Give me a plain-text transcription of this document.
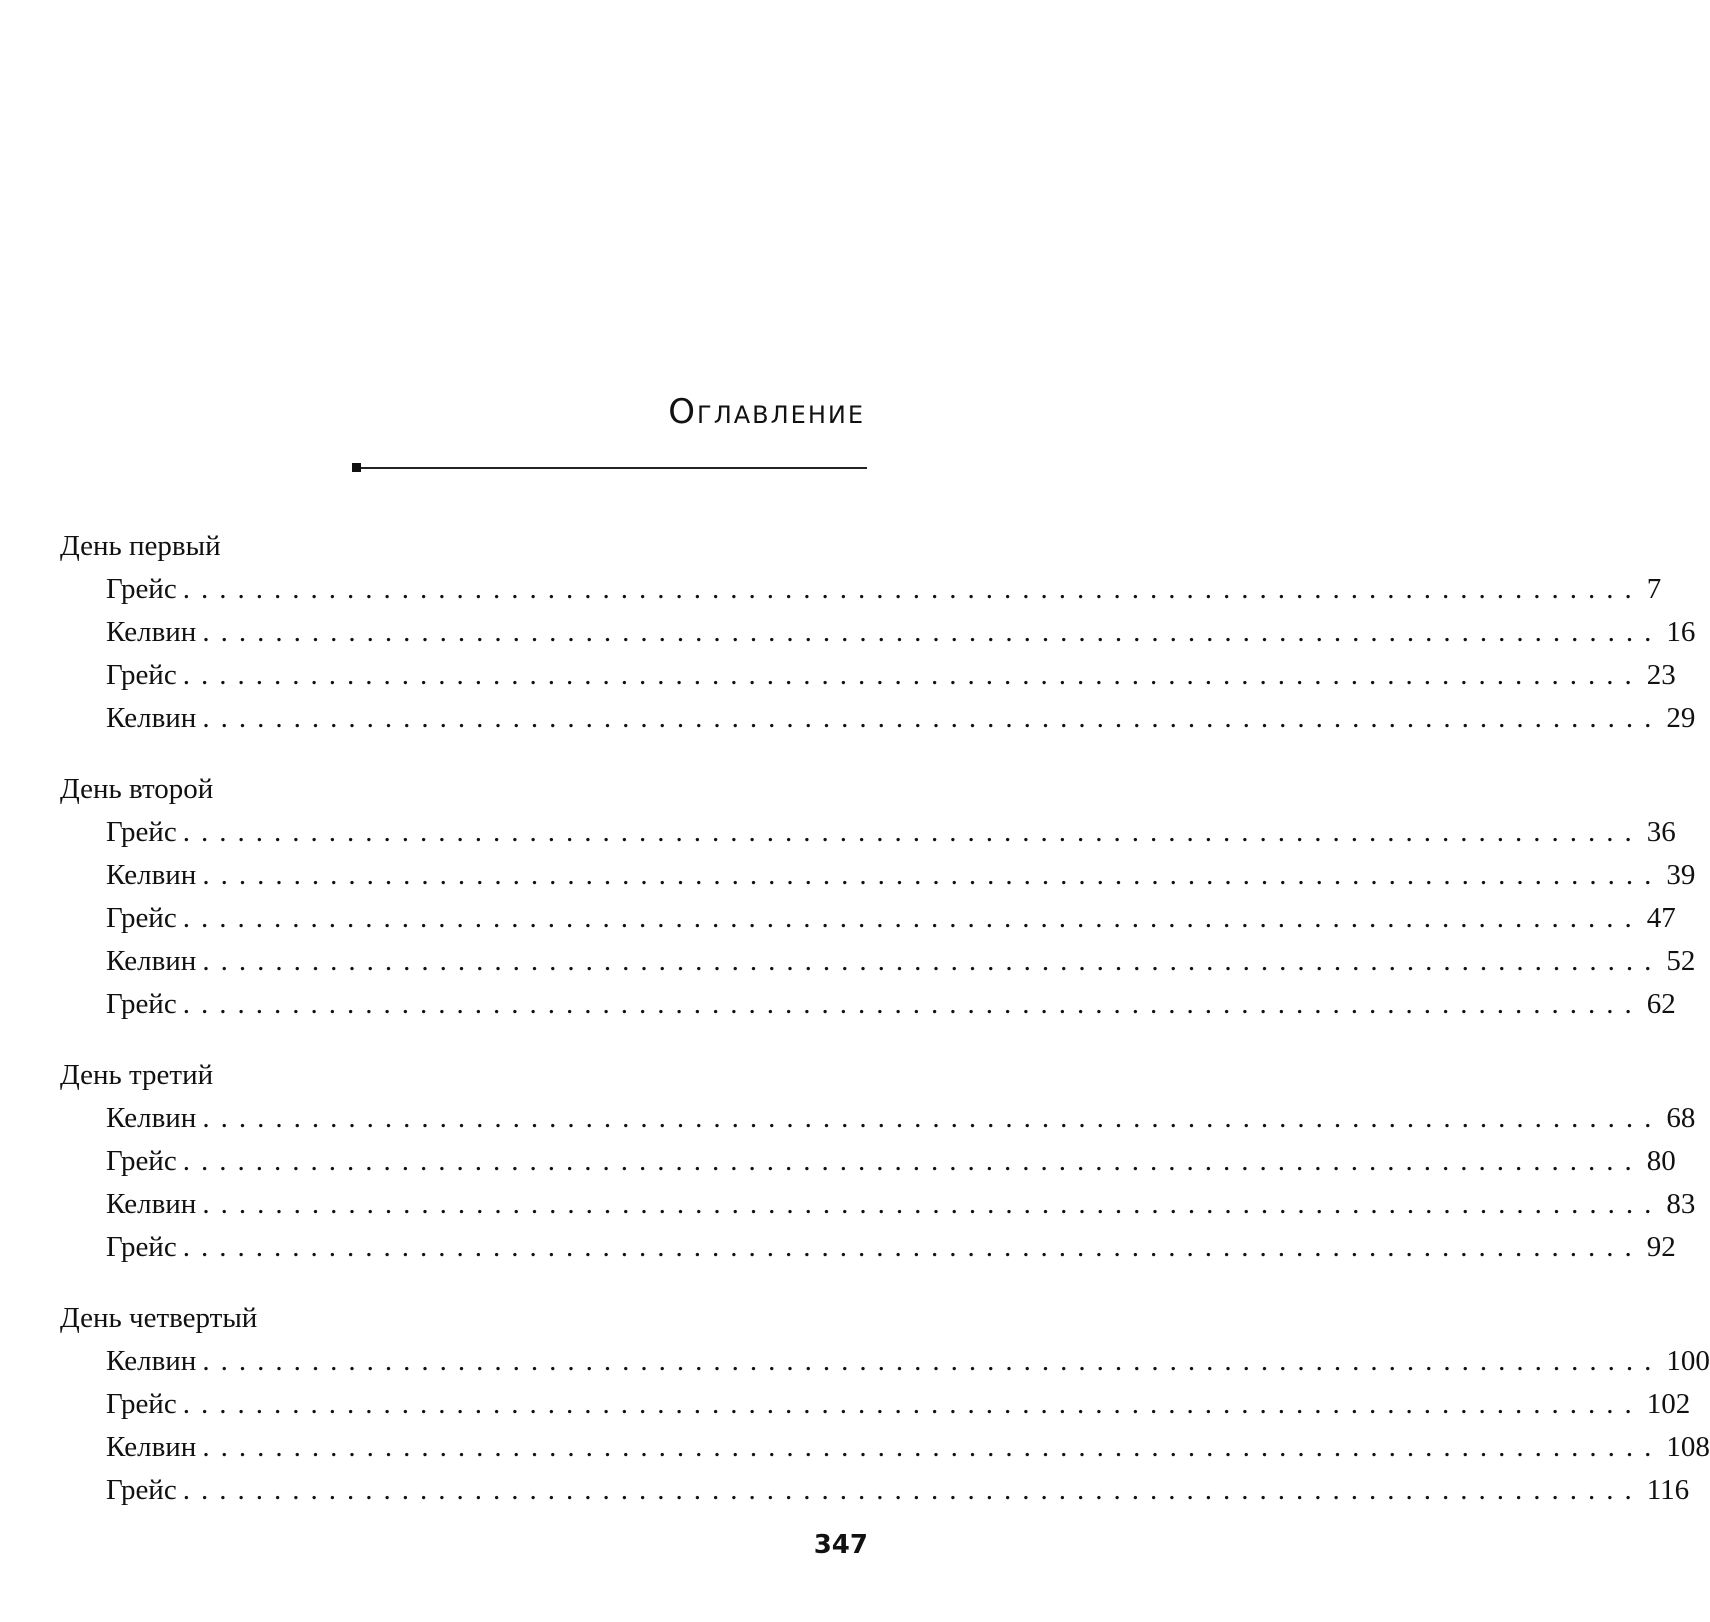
Оглавление
День первый
Грейс ................................................................................ 7
Келвин ................................................................................ 16
Грейс ................................................................................ 23
Келвин ................................................................................ 29
День второй
Грейс ................................................................................ 36
Келвин ................................................................................ 39
Грейс ................................................................................ 47
Келвин ................................................................................ 52
Грейс ................................................................................ 62
День третий
Келвин ................................................................................ 68
Грейс ................................................................................ 80
Келвин ................................................................................ 83
Грейс ................................................................................ 92
День четвертый
Келвин ................................................................................ 100
Грейс ................................................................................ 102
Келвин ................................................................................ 108
Грейс ................................................................................ 116
347
